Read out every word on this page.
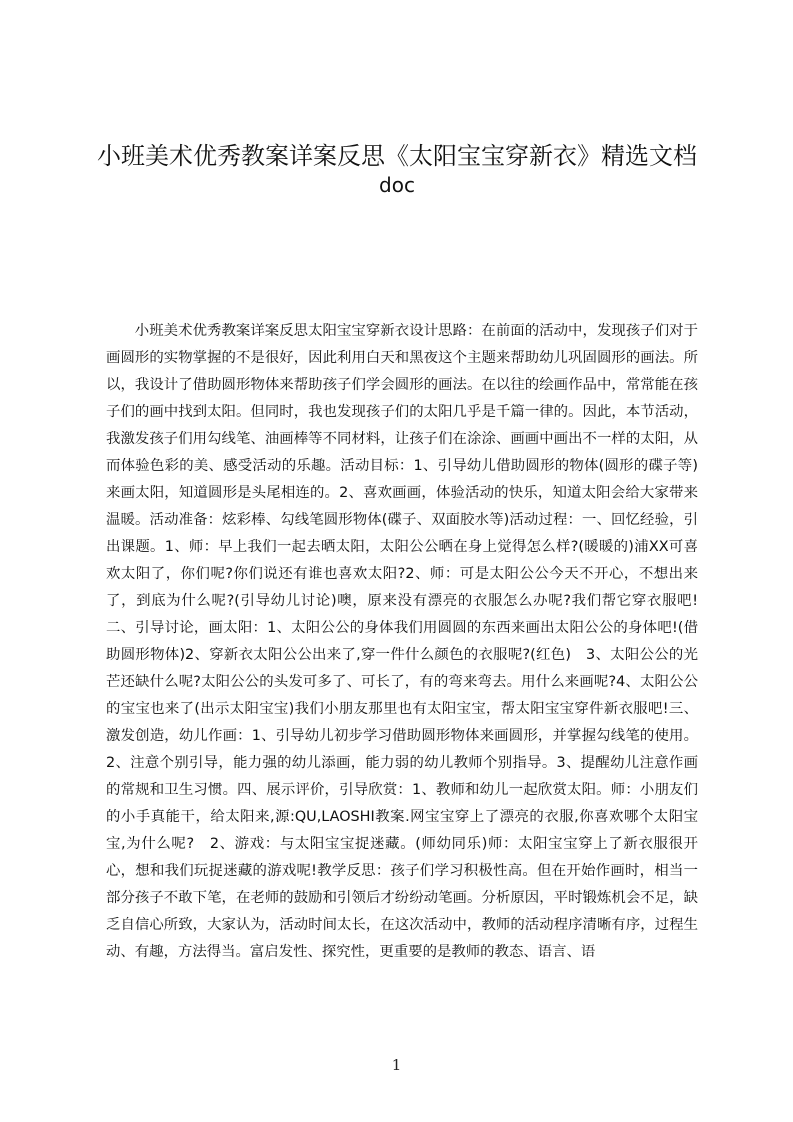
小班美术优秀教案详案反思《太阳宝宝穿新衣》精选文档
doc

小班美术优秀教案详案反思太阳宝宝穿新衣设计思路：在前面的活动中，发现孩子们对于画圆形的实物掌握的不是很好，因此利用白天和黑夜这个主题来帮助幼儿巩固圆形的画法。所以，我设计了借助圆形物体来帮助孩子们学会圆形的画法。在以往的绘画作品中，常常能在孩子们的画中找到太阳。但同时，我也发现孩子们的太阳几乎是千篇一律的。因此，本节活动，我激发孩子们用勾线笔、油画棒等不同材料，让孩子们在涂涂、画画中画出不一样的太阳，从而体验色彩的美、感受活动的乐趣。活动目标：1、引导幼儿借助圆形的物体(圆形的碟子等)来画太阳，知道圆形是头尾相连的。2、喜欢画画，体验活动的快乐，知道太阳会给大家带来温暖。活动准备：炫彩棒、勾线笔圆形物体(碟子、双面胶水等)活动过程：一、回忆经验，引出课题。1、师：早上我们一起去晒太阳，太阳公公晒在身上觉得怎么样?(暖暖的)浦XX可喜欢太阳了，你们呢?你们说还有谁也喜欢太阳?2、师：可是太阳公公今天不开心，不想出来了，到底为什么呢?(引导幼儿讨论)噢，原来没有漂亮的衣服怎么办呢?我们帮它穿衣服吧!二、引导讨论，画太阳：1、太阳公公的身体我们用圆圆的东西来画出太阳公公的身体吧!(借助圆形物体)2、穿新衣太阳公公出来了,穿一件什么颜色的衣服呢?(红色)　3、太阳公公的光芒还缺什么呢?太阳公公的头发可多了、可长了，有的弯来弯去。用什么来画呢?4、太阳公公的宝宝也来了(出示太阳宝宝)我们小朋友那里也有太阳宝宝，帮太阳宝宝穿件新衣服吧!三、激发创造，幼儿作画：1、引导幼儿初步学习借助圆形物体来画圆形，并掌握勾线笔的使用。2、注意个别引导，能力强的幼儿添画，能力弱的幼儿教师个别指导。3、提醒幼儿注意作画的常规和卫生习惯。四、展示评价，引导欣赏：1、教师和幼儿一起欣赏太阳。师：小朋友们的小手真能干，给太阳来,源:QU,LAOSHI教案.网宝宝穿上了漂亮的衣服,你喜欢哪个太阳宝宝,为什么呢?　2、游戏：与太阳宝宝捉迷藏。(师幼同乐)师：太阳宝宝穿上了新衣服很开心，想和我们玩捉迷藏的游戏呢!教学反思：孩子们学习积极性高。但在开始作画时，相当一部分孩子不敢下笔，在老师的鼓励和引领后才纷纷动笔画。分析原因，平时锻炼机会不足，缺乏自信心所致，大家认为，活动时间太长，在这次活动中，教师的活动程序清晰有序，过程生动、有趣，方法得当。富启发性、探究性，更重要的是教师的教态、语言、语

1
